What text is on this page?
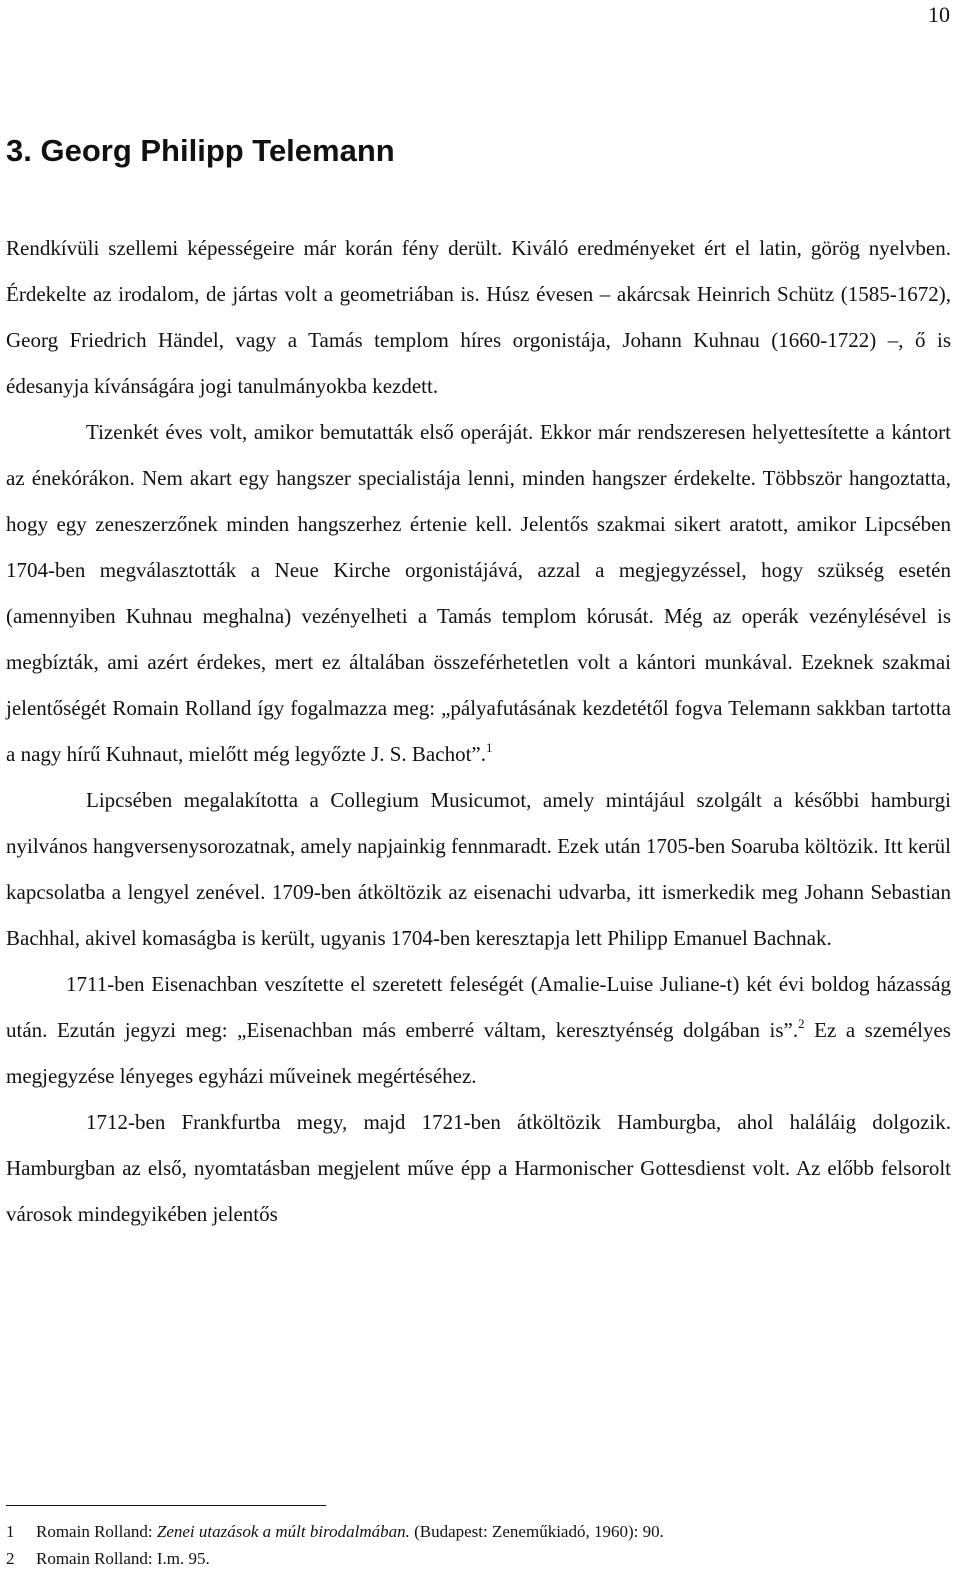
10
3. Georg Philipp Telemann

Rendkívüli szellemi képességeire már korán fény derült. Kiváló eredményeket ért el latin, görög nyelvben. Érdekelte az irodalom, de jártas volt a geometriában is. Húsz évesen – akárcsak Heinrich Schütz (1585-1672), Georg Friedrich Händel, vagy a Tamás templom híres orgonistája, Johann Kuhnau (1660-1722) –, ő is édesanyja kívánságára jogi tanulmányokba kezdett.

Tizenkét éves volt, amikor bemutatták első operáját. Ekkor már rendszeresen helyettesítette a kántort az énekórákon. Nem akart egy hangszer specialistája lenni, minden hangszer érdekelte. Többször hangoztatta, hogy egy zeneszerzőnek minden hangszerhez értenie kell. Jelentős szakmai sikert aratott, amikor Lipcsében 1704-ben megválasztották a Neue Kirche orgonistájává, azzal a megjegyzéssel, hogy szükség esetén (amennyiben Kuhnau meghalna) vezényelheti a Tamás templom kórusát. Még az operák vezénylésével is megbízták, ami azért érdekes, mert ez általában összeférhetetlen volt a kántori munkával. Ezeknek szakmai jelentőségét Romain Rolland így fogalmazza meg: „pályafutásának kezdetétől fogva Telemann sakkban tartotta a nagy hírű Kuhnaut, mielőtt még legyőzte J. S. Bachot”.$^1$

Lipcsében megalakította a Collegium Musicumot, amely mintájául szolgált a későbbi hamburgi nyilvános hangversenysorozatnak, amely napjainkig fennmaradt. Ezek után 1705-ben Soaruba költözik. Itt kerül kapcsolatba a lengyel zenével. 1709-ben átköltözik az eisenachi udvarba, itt ismerkedik meg Johann Sebastian Bachhal, akivel komaságba is került, ugyanis 1704-ben keresztapja lett Philipp Emanuel Bachnak.

1711-ben Eisenachban veszítette el szeretett feleségét (Amalie-Luise Juliane-t) két évi boldog házasság után. Ezután jegyzi meg: „Eisenachban más emberré váltam, keresztyénség dolgában is”.$^2$ Ez a személyes megjegyzése lényeges egyházi műveinek megértéséhez.

1712-ben Frankfurtba megy, majd 1721-ben átköltözik Hamburgba, ahol haláláig dolgozik. Hamburgban az első, nyomtatásban megjelent műve épp a Harmonischer Gottesdienst volt. Az előbb felsorolt városok mindegyikében jelentős

1 Romain Rolland: Zenei utazások a múlt birodalmában. (Budapest: Zeneműkiadó, 1960): 90.
2 Romain Rolland: I.m. 95.
